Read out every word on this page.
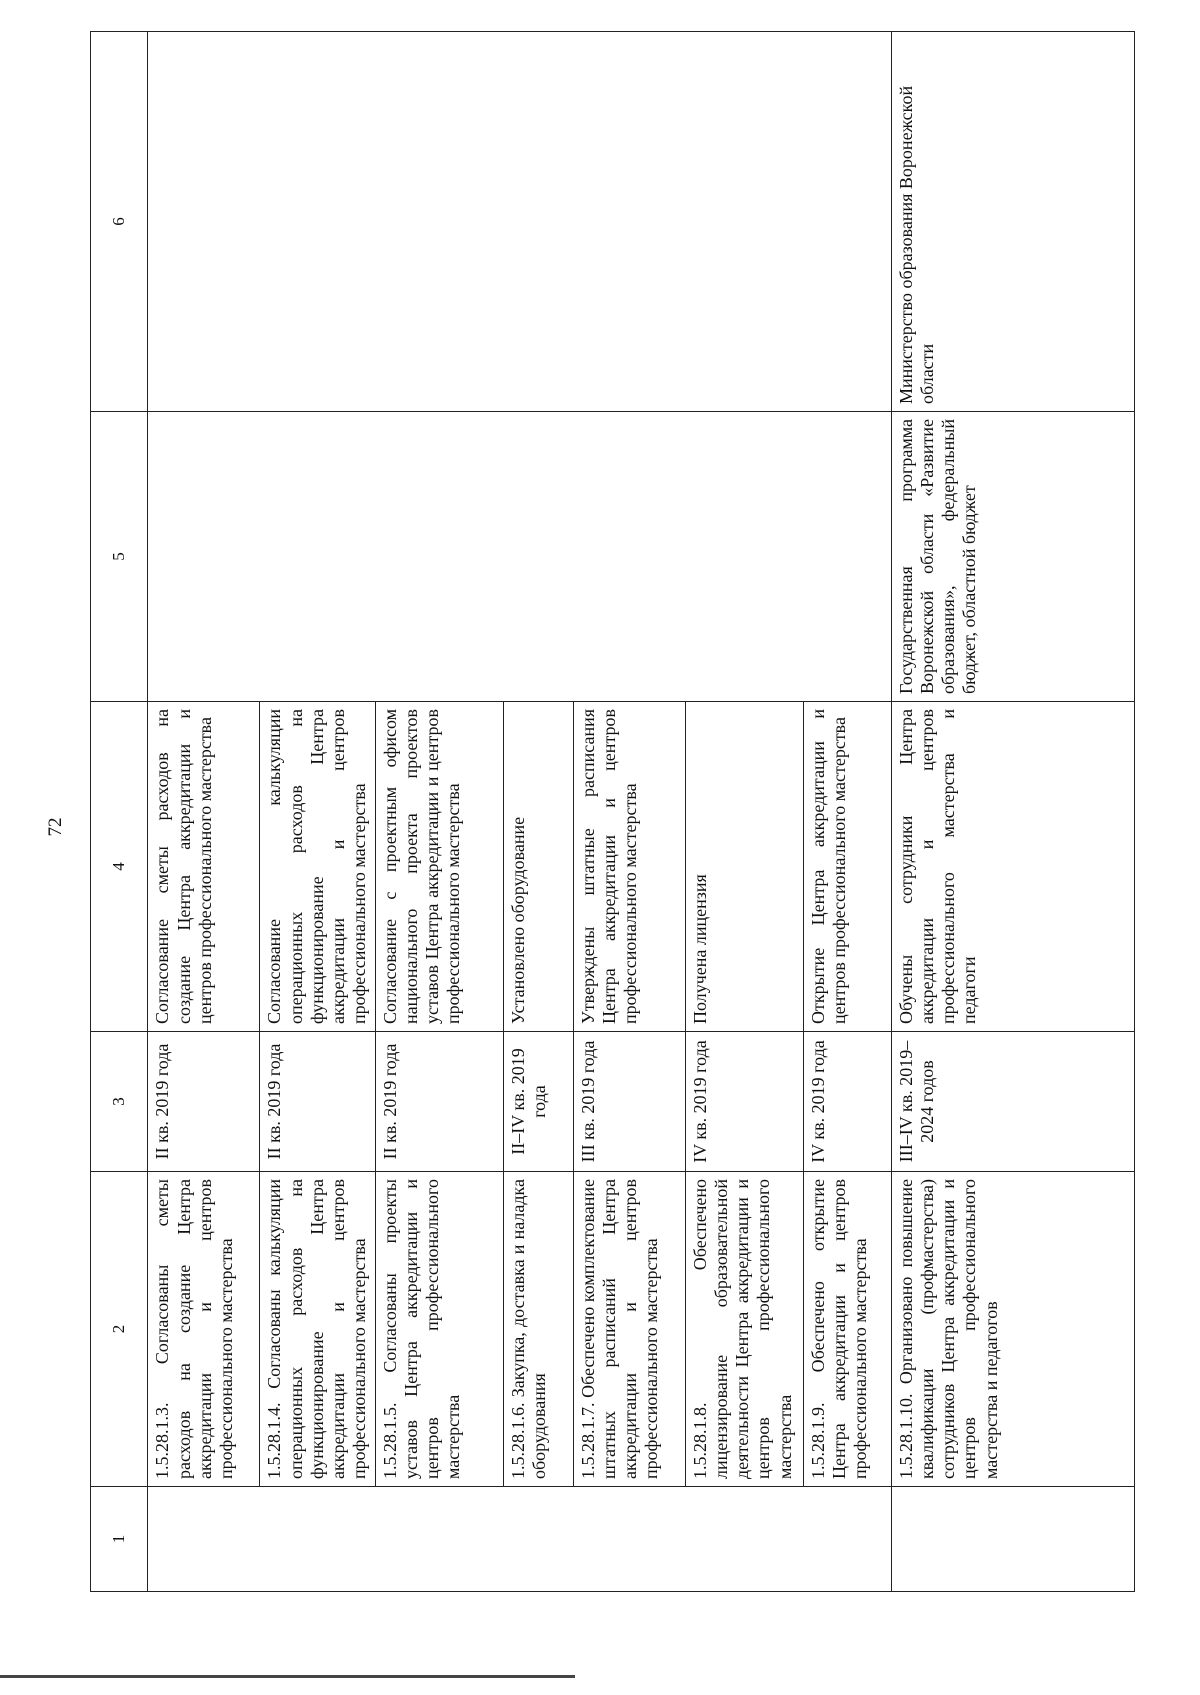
72
1	2	3	4	5	6
	1.5.28.1.3. Согласованы сметы расходов на создание Центра аккредитации и центров профессионального мастерства	II кв. 2019 года	Согласование сметы расходов на создание Центра аккредитации и центров профессионального мастерства		
	1.5.28.1.4. Согласованы калькуляции операционных расходов на функционирование Центра аккредитации и центров профессионального мастерства	II кв. 2019 года	Согласование калькуляции операционных расходов на функционирование Центра аккредитации и центров профессионального мастерства		
	1.5.28.1.5. Согласованы проекты уставов Центра аккредитации и центров профессионального мастерства	II кв. 2019 года	Согласование с проектным офисом национального проекта проектов уставов Центра аккредитации и центров профессионального мастерства		
	1.5.28.1.6. Закупка, доставка и наладка оборудования	II–IV кв. 2019 года	Установлено оборудование		
	1.5.28.1.7. Обеспечено комплектование штатных расписаний Центра аккредитации и центров профессионального мастерства	III кв. 2019 года	Утверждены штатные расписания Центра аккредитации и центров профессионального мастерства		
	1.5.28.1.8. Обеспечено лицензирование образовательной деятельности Центра аккредитации и центров профессионального мастерства	IV кв. 2019 года	Получена лицензия		
	1.5.28.1.9. Обеспечено открытие Центра аккредитации и центров профессионального мастерства	IV кв. 2019 года	Открытие Центра аккредитации и центров профессионального мастерства		
	1.5.28.1.10. Организовано повышение квалификации (профмастерства) сотрудников Центра аккредитации и центров профессионального мастерства и педагогов	III–IV кв. 2019–2024 годов	Обучены сотрудники Центра аккредитации и центров профессионального мастерства и педагоги	Государственная программа Воронежской области «Развитие образования», федеральный бюджет, областной бюджет	Министерство образования Воронежской области
